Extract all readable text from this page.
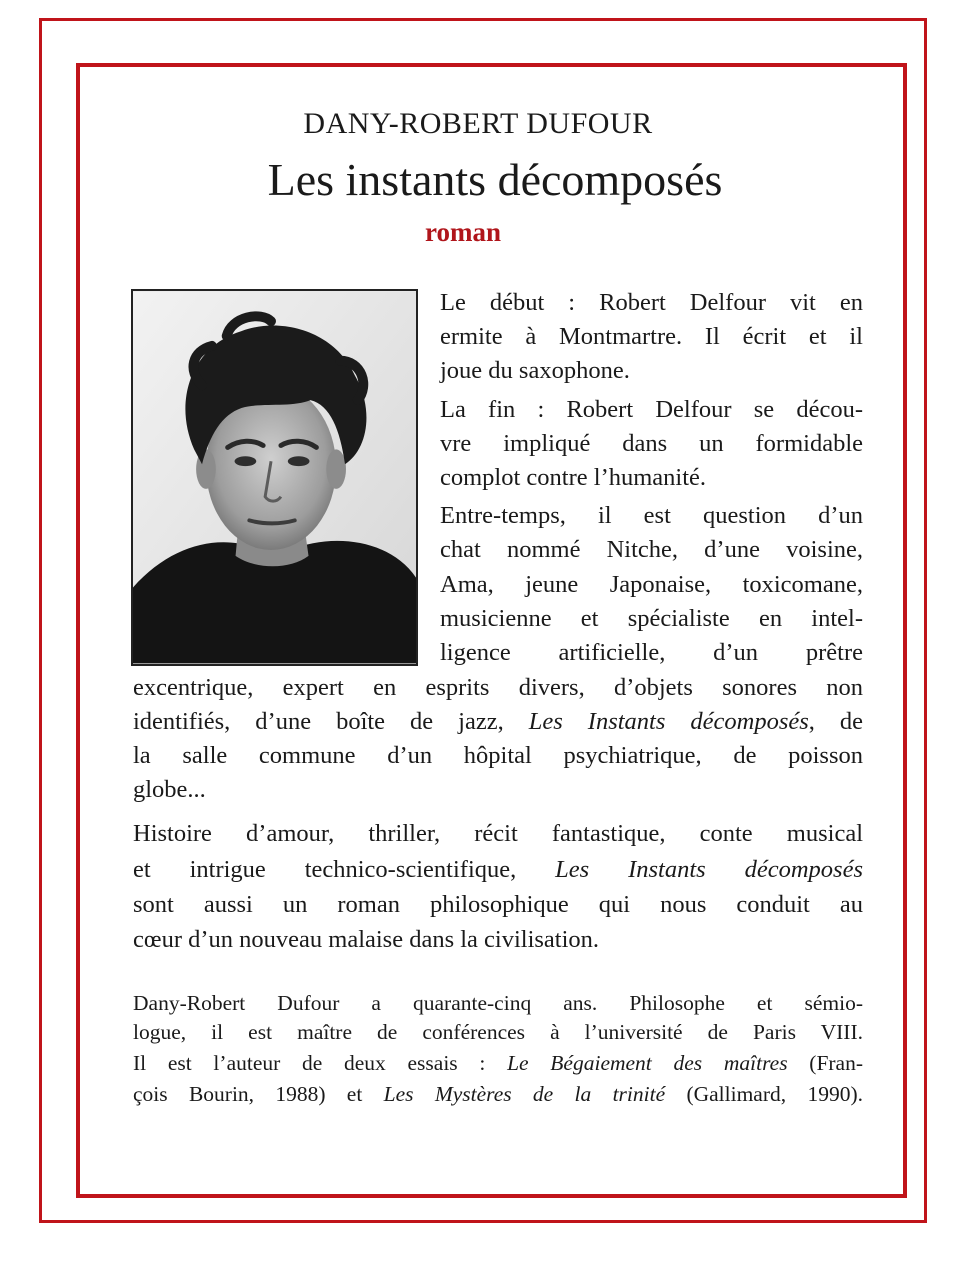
DANY-ROBERT DUFOUR
Les instants décomposés
roman
Le début : Robert Delfour vit en
ermite à Montmartre. Il écrit et il
joue du saxophone.
La fin : Robert Delfour se décou-
vre impliqué dans un formidable
complot contre l’humanité.
Entre-temps, il est question d’un
chat nommé Nitche, d’une voisine,
Ama, jeune Japonaise, toxicomane,
musicienne et spécialiste en intel-
ligence artificielle, d’un prêtre
excentrique, expert en esprits divers, d’objets sonores non
identifiés, d’une boîte de jazz, Les Instants décomposés, de
la salle commune d’un hôpital psychiatrique, de poisson
globe...
Histoire d’amour, thriller, récit fantastique, conte musical
et intrigue technico-scientifique, Les Instants décomposés
sont aussi un roman philosophique qui nous conduit au
cœur d’un nouveau malaise dans la civilisation.
Dany-Robert Dufour a quarante-cinq ans. Philosophe et sémio-
logue, il est maître de conférences à l’université de Paris VIII.
Il est l’auteur de deux essais : Le Bégaiement des maîtres (Fran-
çois Bourin, 1988) et Les Mystères de la trinité (Gallimard, 1990).
